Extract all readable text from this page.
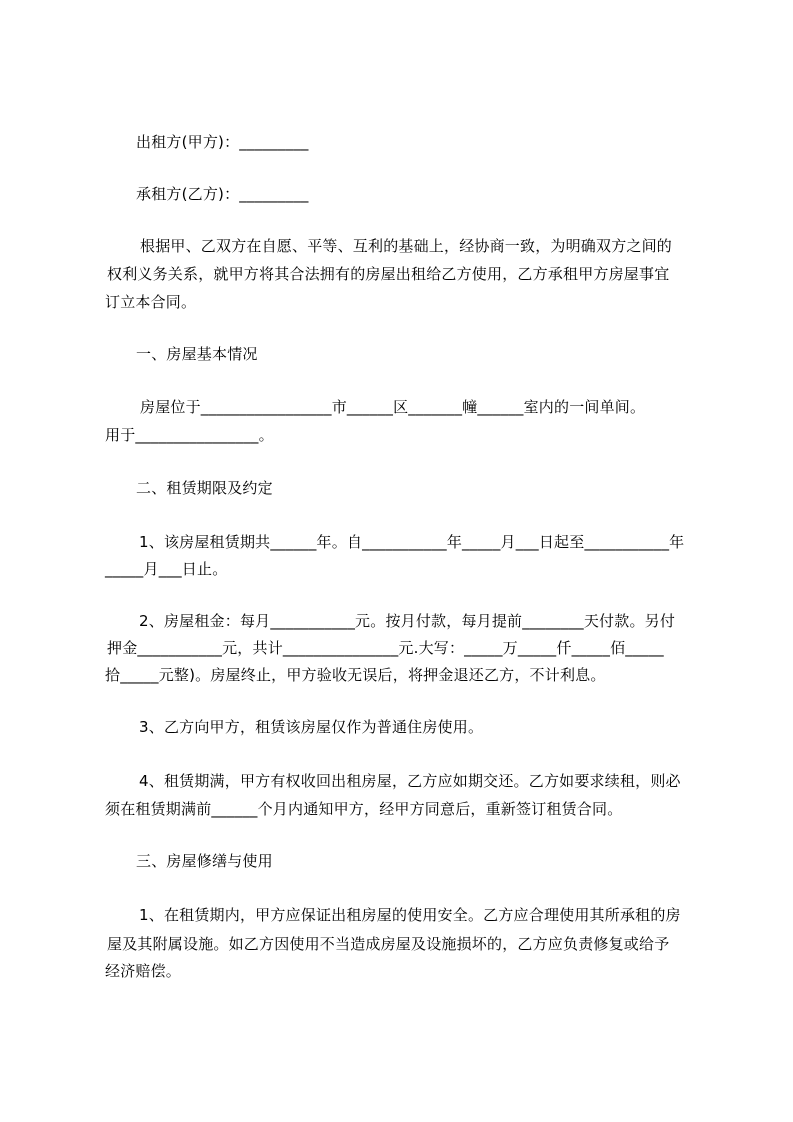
出租方(甲方)：_________
承租方(乙方)：_________
根据甲、乙双方在自愿、平等、互利的基础上，经协商一致，为明确双方之间的
权利义务关系，就甲方将其合法拥有的房屋出租给乙方使用，乙方承租甲方房屋事宜
订立本合同。
一、房屋基本情况
房屋位于_________________市______区_______幢______室内的一间单间。
用于________________。
二、租赁期限及约定
1、该房屋租赁期共______年。自___________年_____月___日起至___________年
_____月___日止。
2、房屋租金：每月___________元。按月付款，每月提前________天付款。另付
押金___________元，共计_______________元.大写：_____万_____仟_____佰_____
拾_____元整)。房屋终止，甲方验收无误后，将押金退还乙方，不计利息。
3、乙方向甲方，租赁该房屋仅作为普通住房使用。
4、租赁期满，甲方有权收回出租房屋，乙方应如期交还。乙方如要求续租，则必
须在租赁期满前______个月内通知甲方，经甲方同意后，重新签订租赁合同。
三、房屋修缮与使用
1、在租赁期内，甲方应保证出租房屋的使用安全。乙方应合理使用其所承租的房
屋及其附属设施。如乙方因使用不当造成房屋及设施损坏的，乙方应负责修复或给予
经济赔偿。
